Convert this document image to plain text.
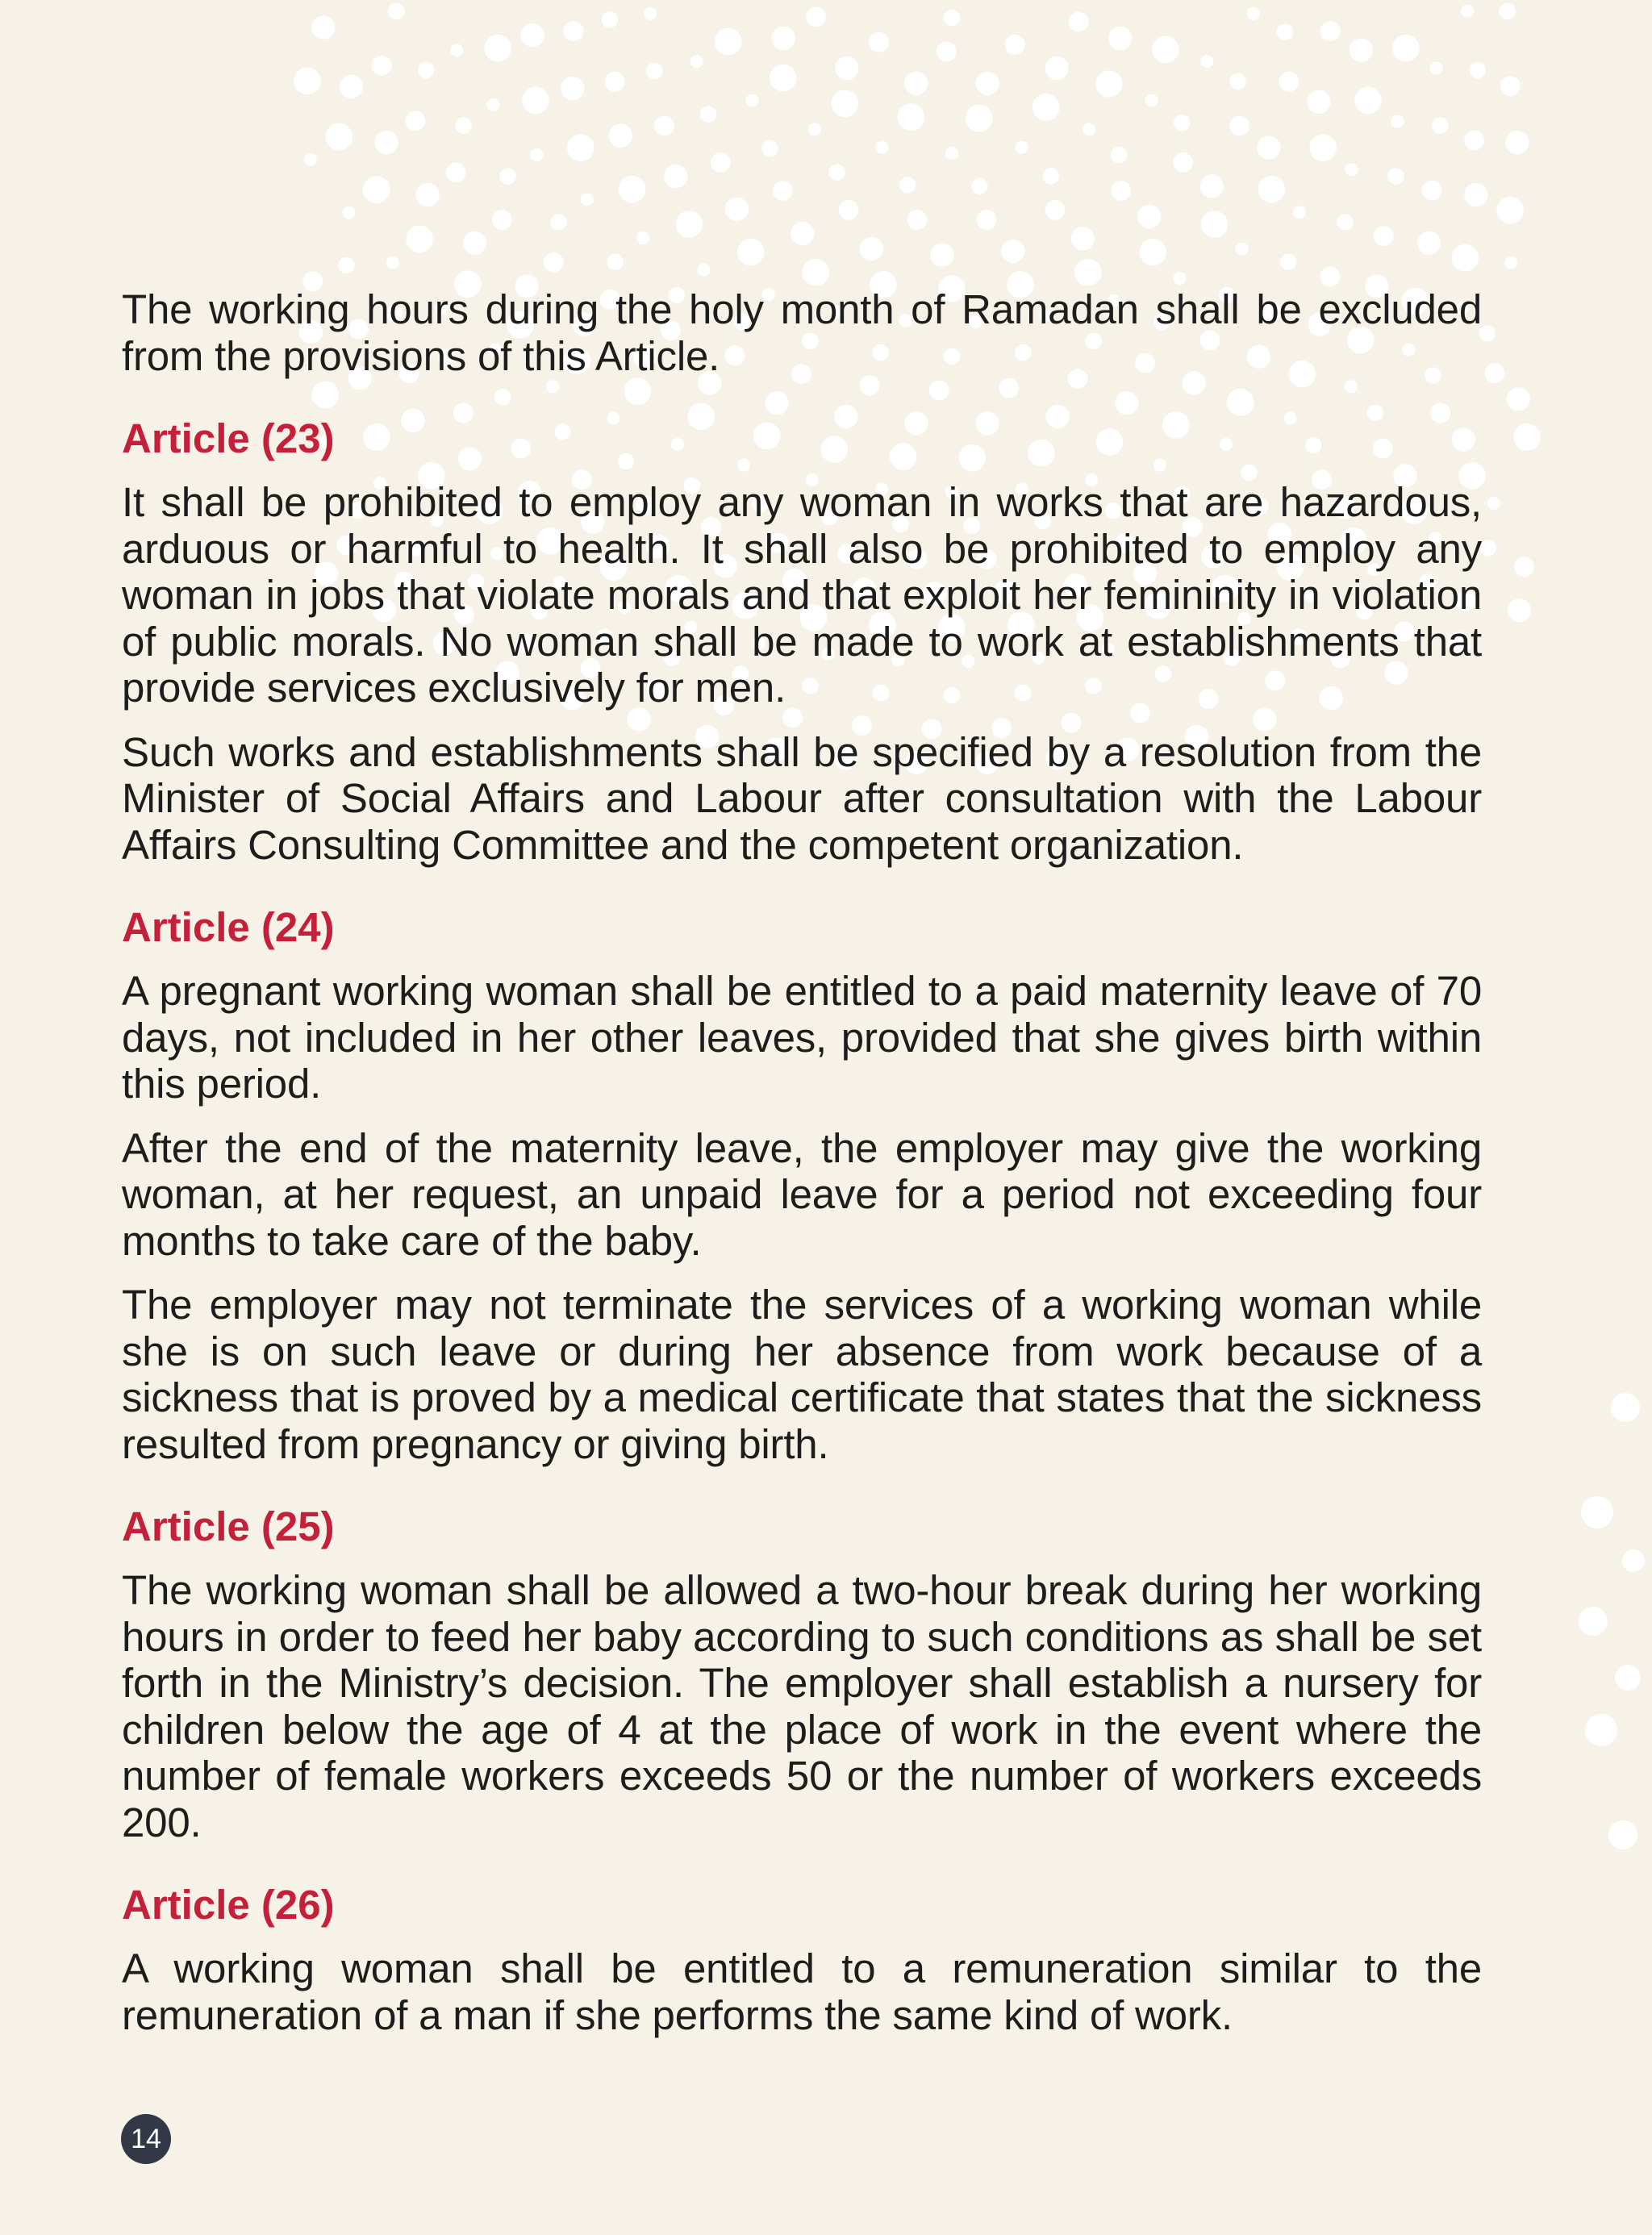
The working hours during the holy month of Ramadan shall be excluded from the provisions of this Article.

Article (23)

It shall be prohibited to employ any woman in works that are hazardous, arduous or harmful to health. It shall also be prohibited to employ any woman in jobs that violate morals and that exploit her femininity in violation of public morals. No woman shall be made to work at establishments that provide services exclusively for men.

Such works and establishments shall be specified by a resolution from the Minister of Social Affairs and Labour after consultation with the Labour Affairs Consulting Committee and the competent organization.

Article (24)

A pregnant working woman shall be entitled to a paid maternity leave of 70 days, not included in her other leaves, provided that she gives birth within this period.

After the end of the maternity leave, the employer may give the working woman, at her request, an unpaid leave for a period not exceeding four months to take care of the baby.

The employer may not terminate the services of a working woman while she is on such leave or during her absence from work because of a sickness that is proved by a medical certificate that states that the sickness resulted from pregnancy or giving birth.

Article (25)

The working woman shall be allowed a two-hour break during her working hours in order to feed her baby according to such conditions as shall be set forth in the Ministry’s decision. The employer shall establish a nursery for children below the age of 4 at the place of work in the event where the number of female workers exceeds 50 or the number of workers exceeds 200.

Article (26)

A working woman shall be entitled to a remuneration similar to the remuneration of a man if she performs the same kind of work.

14
